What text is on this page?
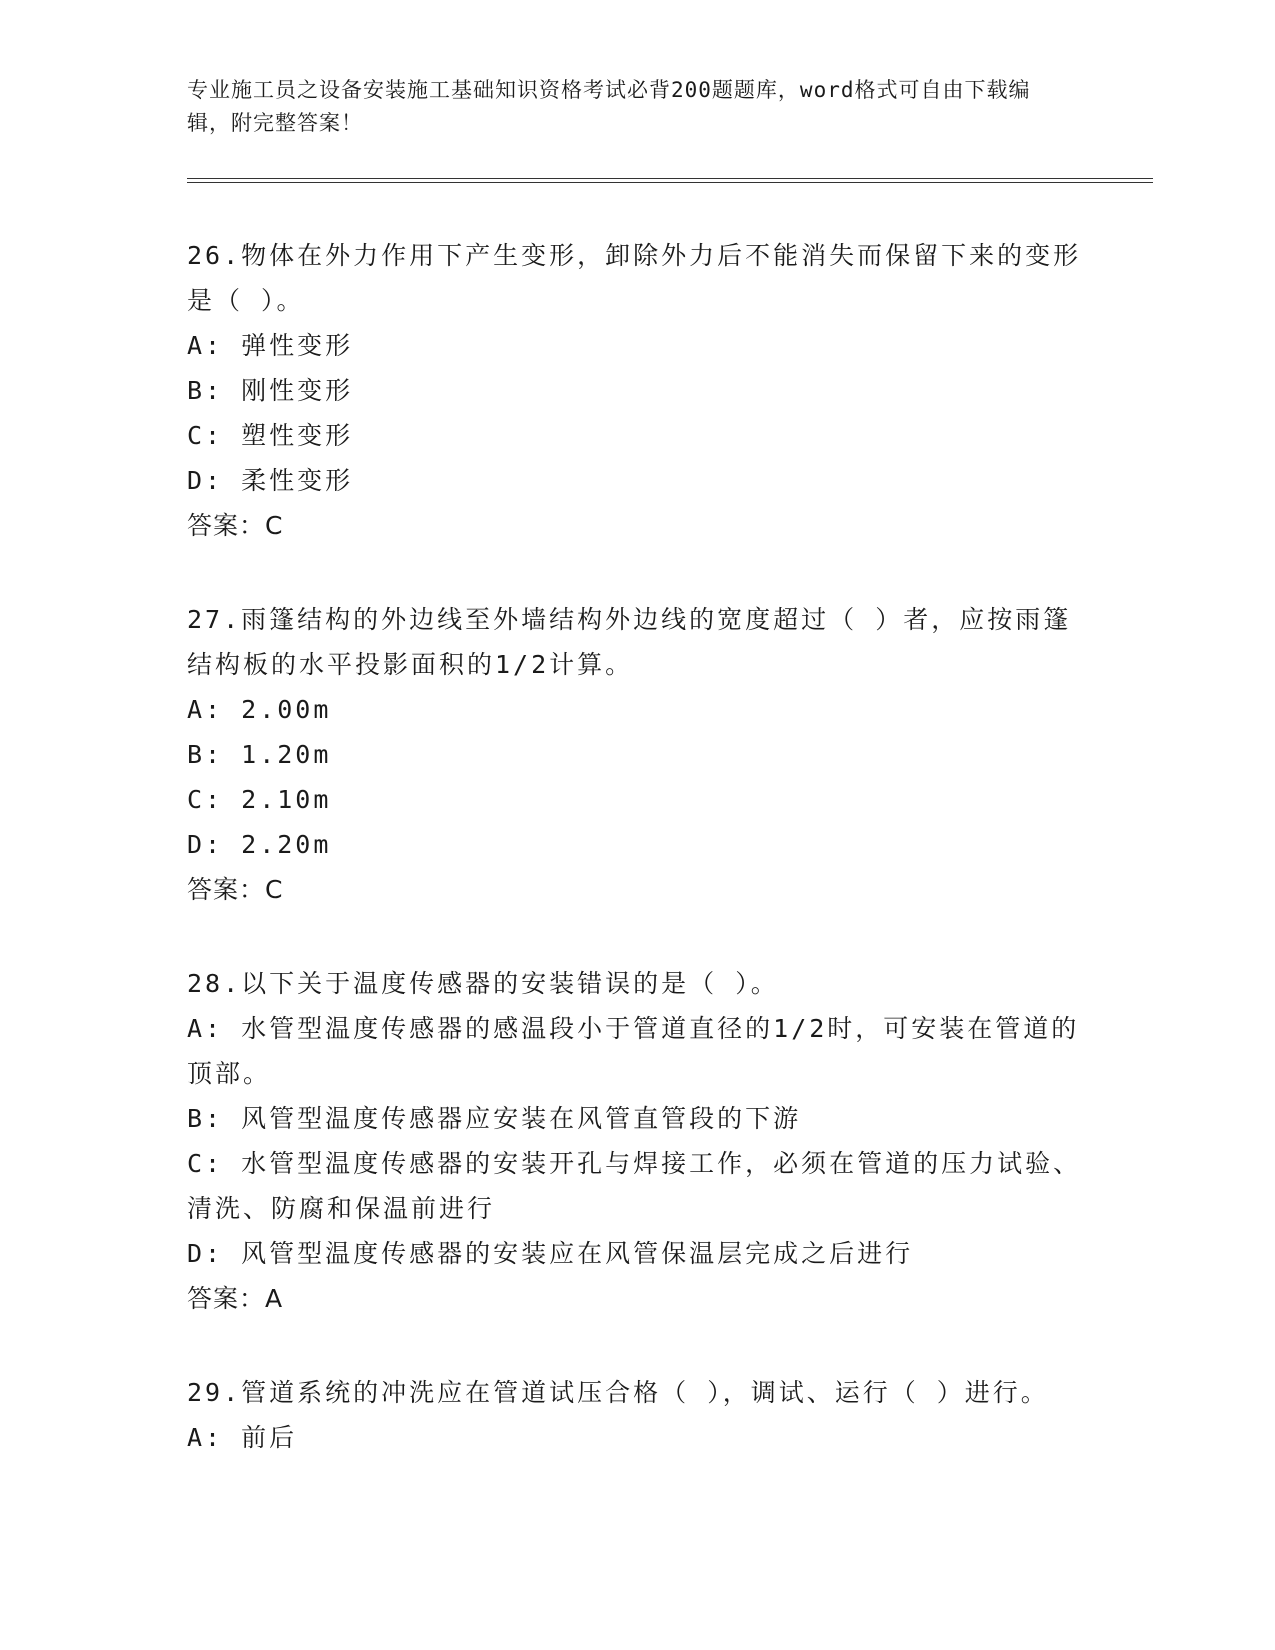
专业施工员之设备安装施工基础知识资格考试必背200题题库，word格式可自由下载编辑，附完整答案！
26.物体在外力作用下产生变形，卸除外力后不能消失而保留下来的变形是（ ）。
A: 弹性变形
B: 刚性变形
C: 塑性变形
D: 柔性变形
答案：C
27.雨篷结构的外边线至外墙结构外边线的宽度超过（ ）者，应按雨篷结构板的水平投影面积的1/2计算。
A: 2.00m
B: 1.20m
C: 2.10m
D: 2.20m
答案：C
28.以下关于温度传感器的安装错误的是（ ）。
A: 水管型温度传感器的感温段小于管道直径的1/2时，可安装在管道的顶部。
B: 风管型温度传感器应安装在风管直管段的下游
C: 水管型温度传感器的安装开孔与焊接工作，必须在管道的压力试验、清洗、防腐和保温前进行
D: 风管型温度传感器的安装应在风管保温层完成之后进行
答案：A
29.管道系统的冲洗应在管道试压合格（ ），调试、运行（ ）进行。
A: 前后
